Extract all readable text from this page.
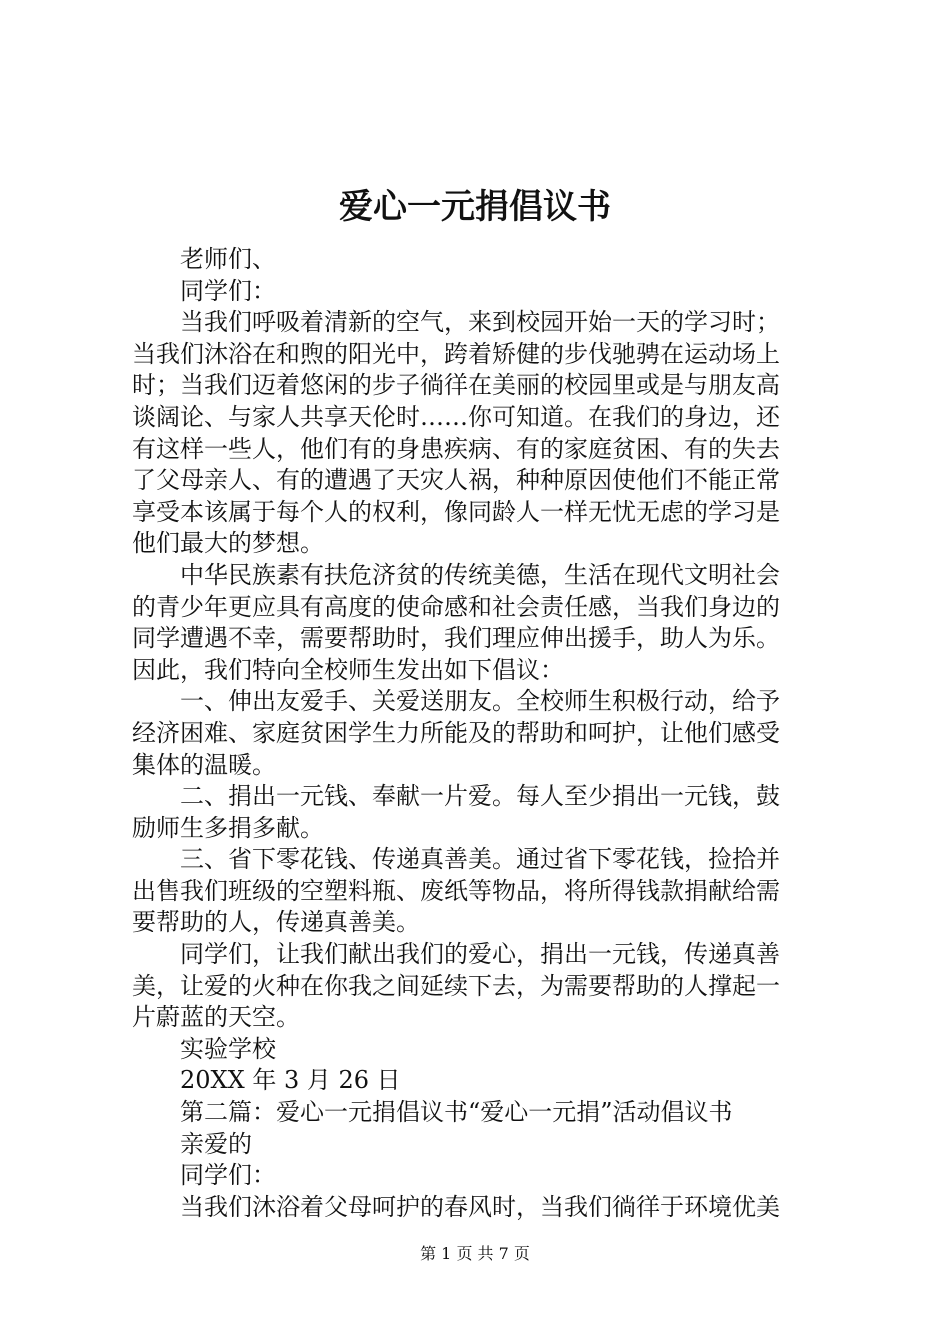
爱心一元捐倡议书
老师们、
同学们：
当我们呼吸着清新的空气，来到校园开始一天的学习时；
当我们沐浴在和煦的阳光中，跨着矫健的步伐驰骋在运动场上
时；当我们迈着悠闲的步子徜徉在美丽的校园里或是与朋友高
谈阔论、与家人共享天伦时……你可知道。在我们的身边，还
有这样一些人，他们有的身患疾病、有的家庭贫困、有的失去
了父母亲人、有的遭遇了天灾人祸，种种原因使他们不能正常
享受本该属于每个人的权利，像同龄人一样无忧无虑的学习是
他们最大的梦想。
中华民族素有扶危济贫的传统美德，生活在现代文明社会
的青少年更应具有高度的使命感和社会责任感，当我们身边的
同学遭遇不幸，需要帮助时，我们理应伸出援手，助人为乐。
因此，我们特向全校师生发出如下倡议：
一、伸出友爱手、关爱送朋友。全校师生积极行动，给予
经济困难、家庭贫困学生力所能及的帮助和呵护，让他们感受
集体的温暖。
二、捐出一元钱、奉献一片爱。每人至少捐出一元钱，鼓
励师生多捐多献。
三、省下零花钱、传递真善美。通过省下零花钱，捡拾并
出售我们班级的空塑料瓶、废纸等物品，将所得钱款捐献给需
要帮助的人，传递真善美。
同学们，让我们献出我们的爱心，捐出一元钱，传递真善
美，让爱的火种在你我之间延续下去，为需要帮助的人撑起一
片蔚蓝的天空。
实验学校
20XX 年 3 月 26 日
第二篇：爱心一元捐倡议书“爱心一元捐”活动倡议书
亲爱的
同学们：
当我们沐浴着父母呵护的春风时，当我们徜徉于环境优美
第 1 页 共 7 页
